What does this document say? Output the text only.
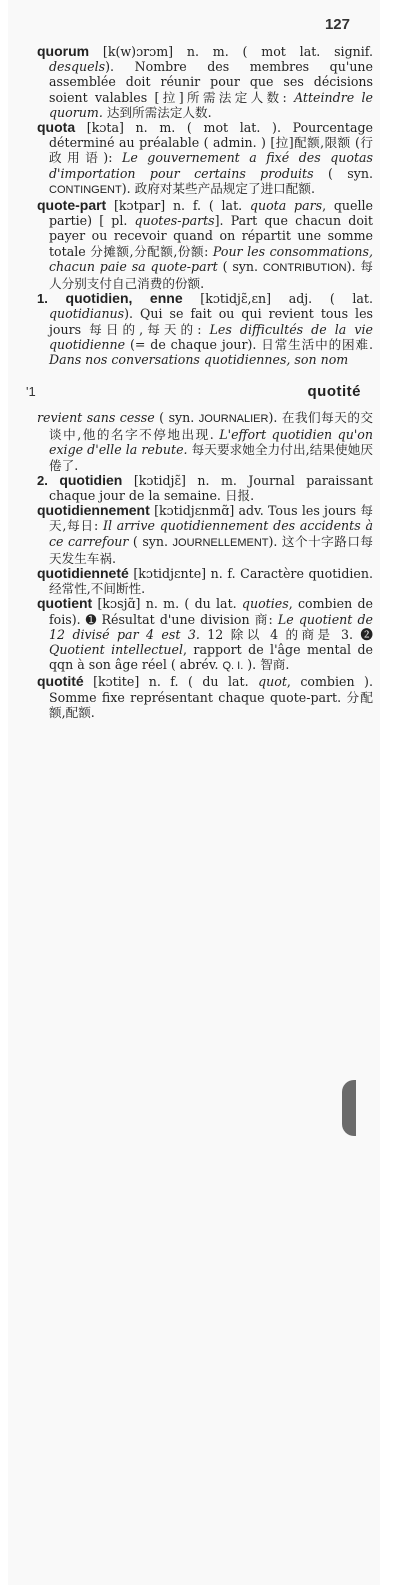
127

quorum [k(w)ɔrɔm] n. m. ( mot lat. signif. desquels). Nombre des membres qu'une assemblée doit réunir pour que ses décisions soient valables [拉]所需法定人数: Atteindre le quorum. 达到所需法定人数.

quota [kɔta] n. m. ( mot lat. ). Pourcentage déterminé au préalable ( admin. ) [拉]配额,限额 (行政用语): Le gouvernement a fixé des quotas d'importation pour certains produits ( syn. CONTINGENT). 政府对某些产品规定了进口配额.

quote-part [kɔtpar] n. f. ( lat. quota pars, quelle partie) [ pl. quotes-parts]. Part que chacun doit payer ou recevoir quand on répartit une somme totale 分摊额,分配额,份额: Pour les consommations, chacun paie sa quote-part ( syn. CONTRIBUTION). 每人分别支付自己消费的份额.

1. quotidien, enne [kɔtidjɛ̃,ɛn] adj. ( lat. quotidianus). Qui se fait ou qui revient tous les jours 每日的,每天的: Les difficultés de la vie quotidienne (= de chaque jour). 日常生活中的困难. Dans nos conversations quotidiennes, son nom

'1	quotité

revient sans cesse ( syn. JOURNALIER). 在我们每天的交谈中,他的名字不停地出现. L'effort quotidien qu'on exige d'elle la rebute. 每天要求她全力付出,结果使她厌倦了.

2. quotidien [kɔtidjɛ̃] n. m. Journal paraissant chaque jour de la semaine. 日报.

quotidiennement [kɔtidjɛnmɑ̃] adv. Tous les jours 每天,每日: Il arrive quotidiennement des accidents à ce carrefour ( syn. JOURNELLEMENT). 这个十字路口每天发生车祸.

quotidienneté [kɔtidjɛnte] n. f. Caractère quotidien. 经常性,不间断性.

quotient [kɔsjɑ̃] n. m. ( du lat. quoties, combien de fois). ➊ Résultat d'une division 商: Le quotient de 12 divisé par 4 est 3. 12 除以 4 的商是 3. ➋ Quotient intellectuel, rapport de l'âge mental de qqn à son âge réel ( abrév. Q. I. ). 智商.

quotité [kɔtite] n. f. ( du lat. quot, combien ). Somme fixe représentant chaque quote-part. 分配额,配额.
